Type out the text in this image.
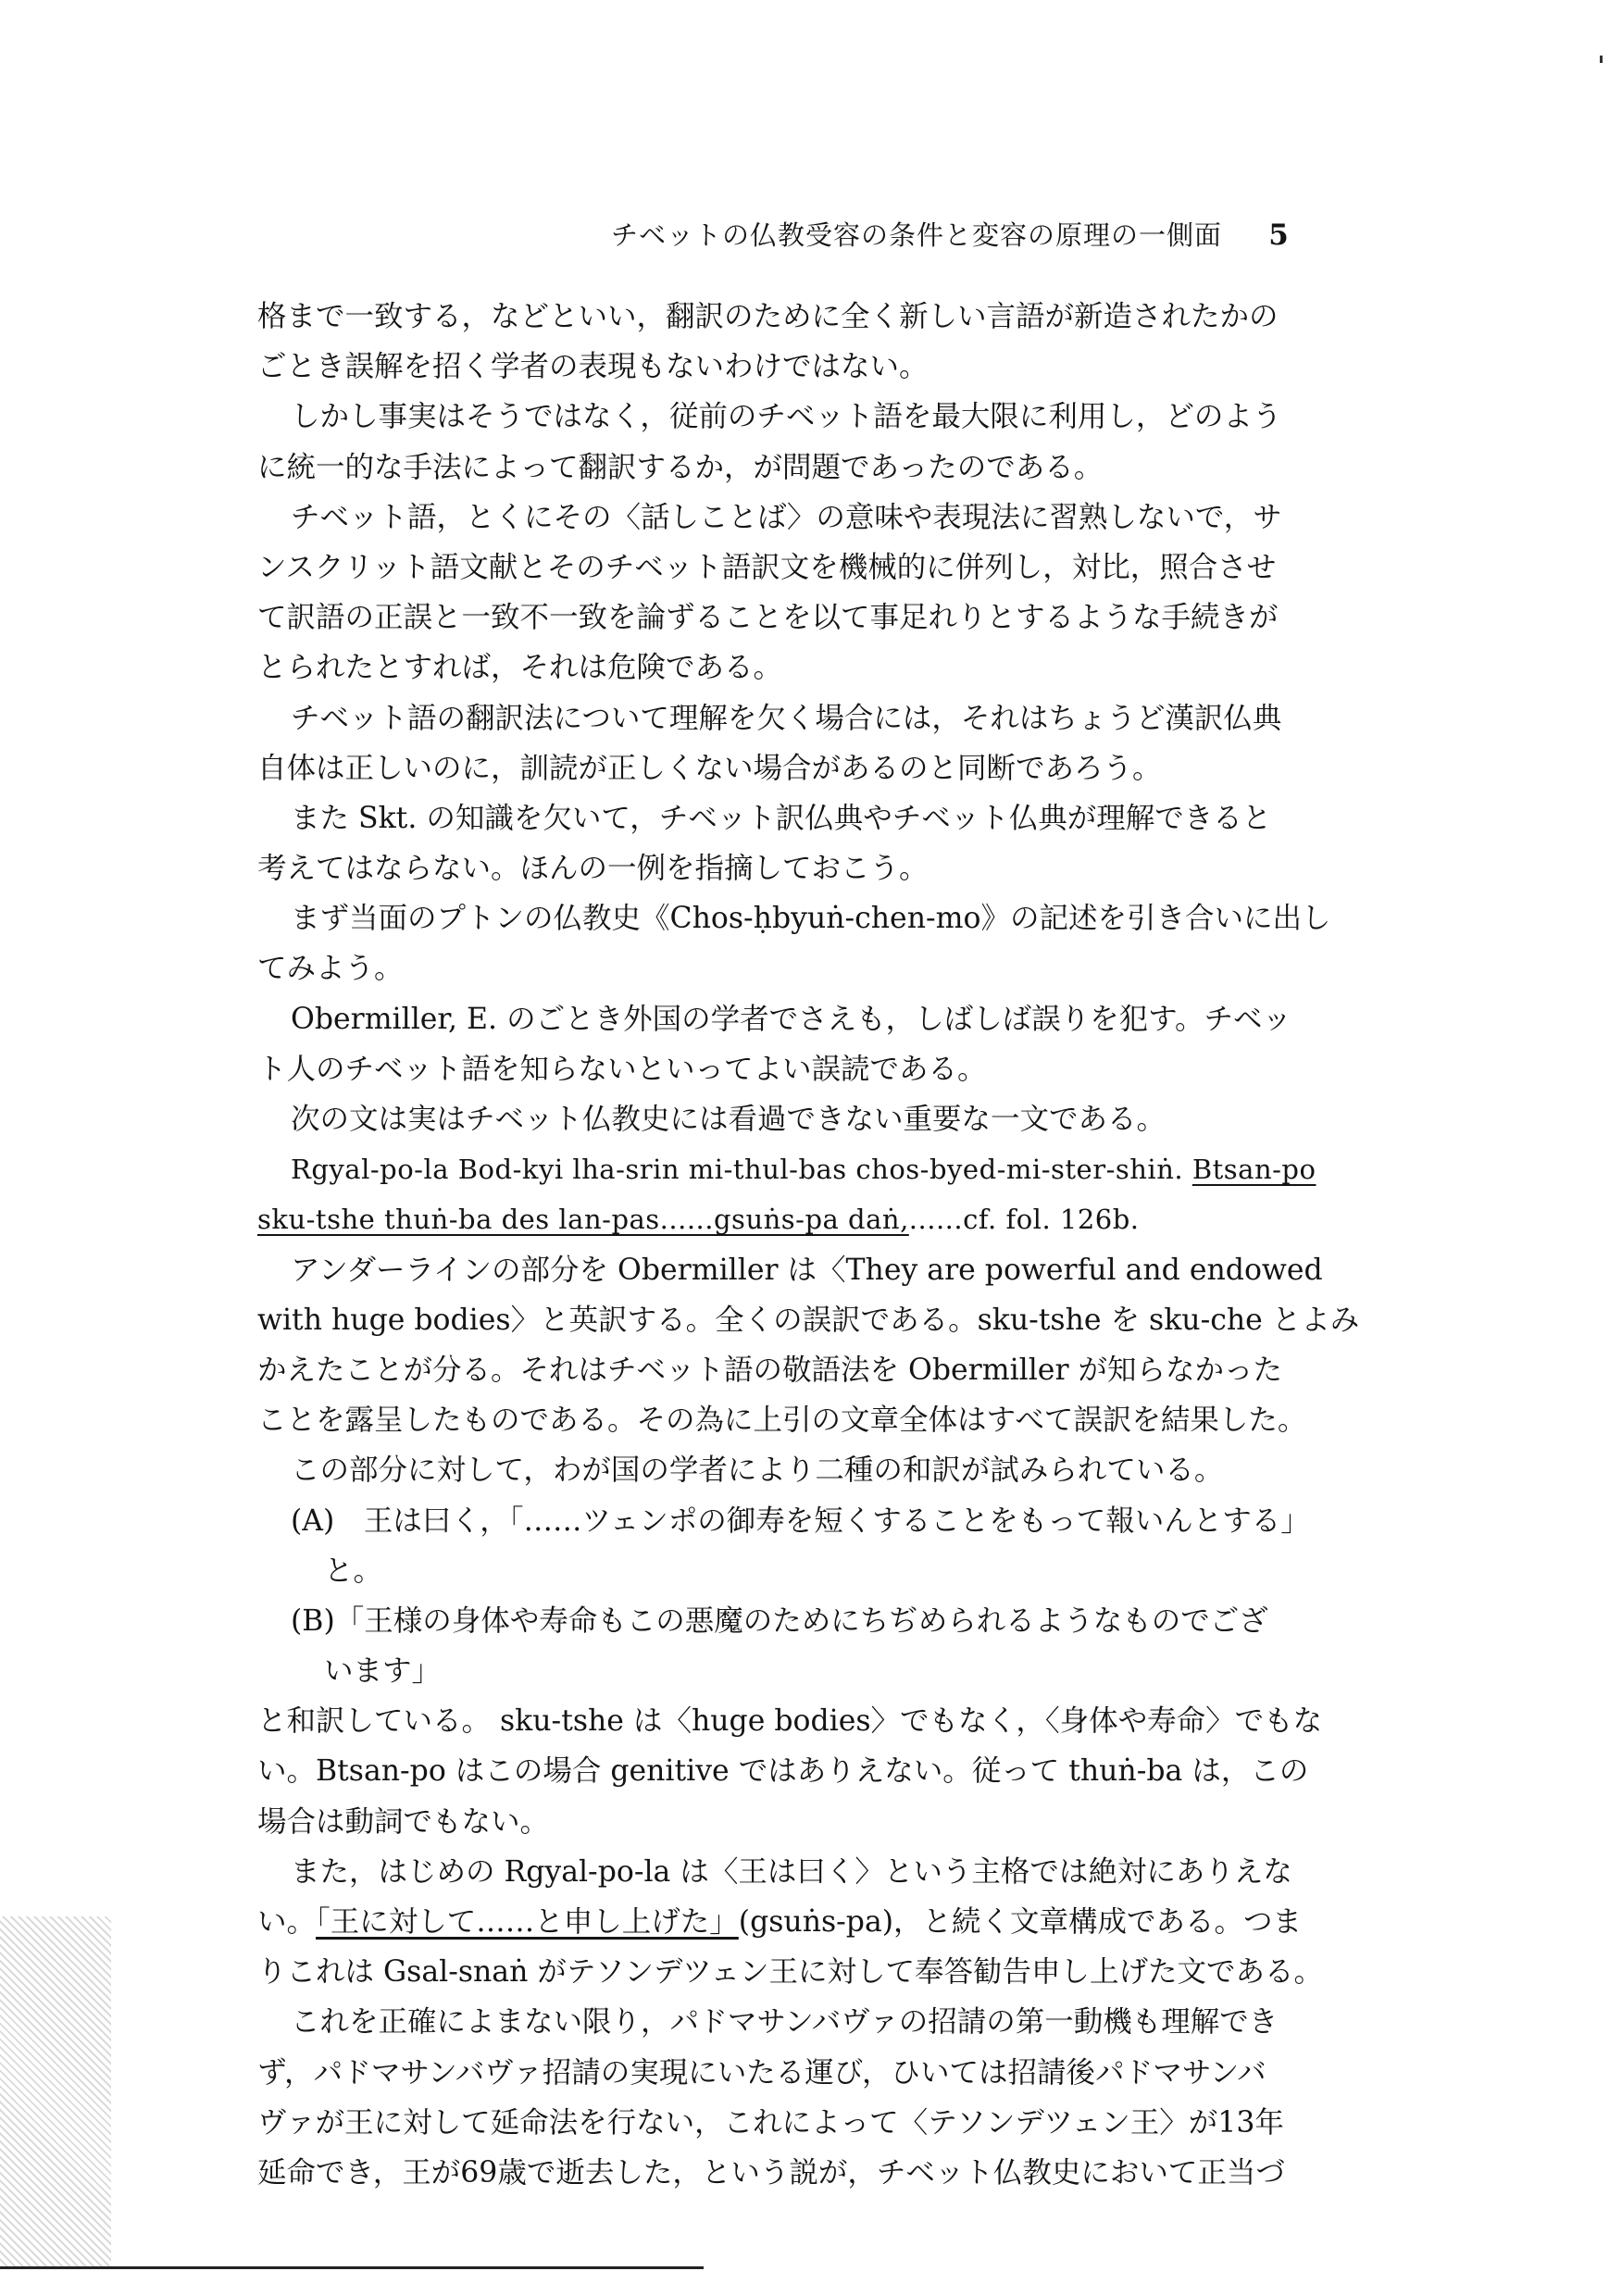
チベットの仏教受容の条件と変容の原理の一側面 5
格まで一致する，などといい，翻訳のために全く新しい言語が新造されたかの
ごとき誤解を招く学者の表現もないわけではない。
しかし事実はそうではなく，従前のチベット語を最大限に利用し，どのよう
に統一的な手法によって翻訳するか，が問題であったのである。
チベット語，とくにその〈話しことば〉の意味や表現法に習熟しないで，サ
ンスクリット語文献とそのチベット語訳文を機械的に併列し，対比，照合させ
て訳語の正誤と一致不一致を論ずることを以て事足れりとするような手続きが
とられたとすれば，それは危険である。
チベット語の翻訳法について理解を欠く場合には，それはちょうど漢訳仏典
自体は正しいのに，訓読が正しくない場合があるのと同断であろう。
また Skt. の知識を欠いて，チベット訳仏典やチベット仏典が理解できると
考えてはならない。ほんの一例を指摘しておこう。
まず当面のプトンの仏教史《Chos-ḥbyuṅ-chen-mo》の記述を引き合いに出し
てみよう。
Obermiller, E. のごとき外国の学者でさえも，しばしば誤りを犯す。チベッ
ト人のチベット語を知らないといってよい誤読である。
次の文は実はチベット仏教史には看過できない重要な一文である。
Rgyal-po-la Bod-kyi lha-srin mi-thul-bas chos-byed-mi-ster-shiṅ. Btsan-po
sku-tshe thuṅ-ba des lan-pas......gsuṅs-pa daṅ,......cf. fol. 126b.
アンダーラインの部分を Obermiller は〈They are powerful and endowed
with huge bodies〉と英訳する。全くの誤訳である。sku-tshe を sku-che とよみ
かえたことが分る。それはチベット語の敬語法を Obermiller が知らなかった
ことを露呈したものである。その為に上引の文章全体はすべて誤訳を結果した。
この部分に対して，わが国の学者により二種の和訳が試みられている。
(A)　王は曰く，「……ツェンポの御寿を短くすることをもって報いんとする」
と。
(B)「王様の身体や寿命もこの悪魔のためにちぢめられるようなものでござ
います」
と和訳している。 sku-tshe は〈huge bodies〉でもなく，〈身体や寿命〉でもな
い。Btsan-po はこの場合 genitive ではありえない。従って thuṅ-ba は，この
場合は動詞でもない。
また，はじめの Rgyal-po-la は〈王は曰く〉という主格では絶対にありえな
い。「王に対して……と申し上げた」(gsuṅs-pa)，と続く文章構成である。つま
りこれは Gsal-snaṅ がテソンデツェン王に対して奉答勧告申し上げた文である。
これを正確によまない限り，パドマサンバヴァの招請の第一動機も理解でき
ず，パドマサンバヴァ招請の実現にいたる運び，ひいては招請後パドマサンバ
ヴァが王に対して延命法を行ない，これによって〈テソンデツェン王〉が13年
延命でき，王が69歳で逝去した，という説が，チベット仏教史において正当づ
